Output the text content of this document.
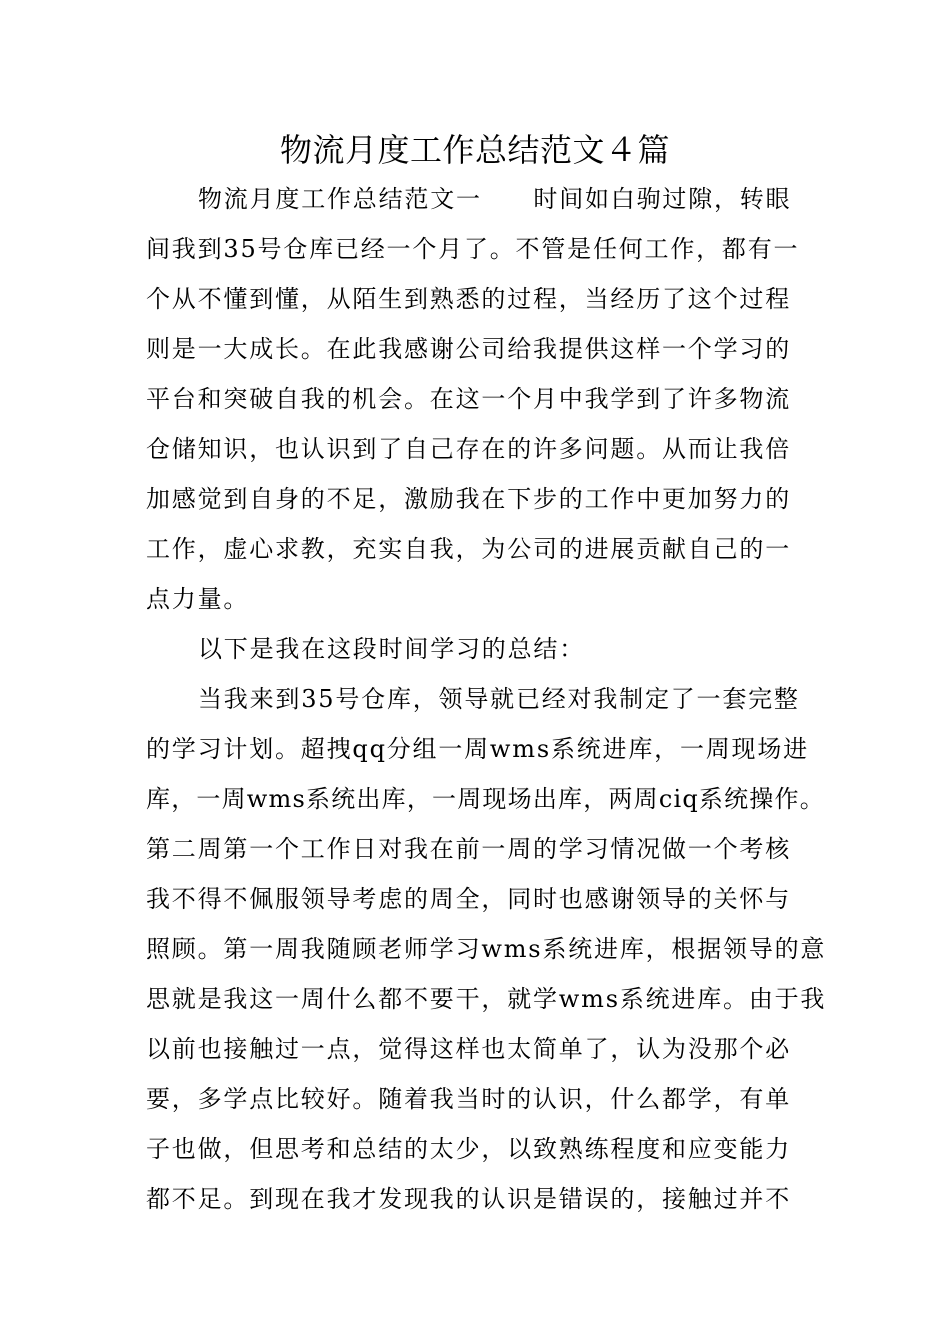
物流月度工作总结范文４篇
物流月度工作总结范文一　　时间如白驹过隙，转眼
间我到35号仓库已经一个月了。不管是任何工作，都有一
个从不懂到懂，从陌生到熟悉的过程，当经历了这个过程
则是一大成长。在此我感谢公司给我提供这样一个学习的
平台和突破自我的机会。在这一个月中我学到了许多物流
仓储知识，也认识到了自己存在的许多问题。从而让我倍
加感觉到自身的不足，激励我在下步的工作中更加努力的
工作，虚心求教，充实自我，为公司的进展贡献自己的一
点力量。
以下是我在这段时间学习的总结：
当我来到35号仓库，领导就已经对我制定了一套完整
的学习计划。超拽qq分组一周wms系统进库，一周现场进
库，一周wms系统出库，一周现场出库，两周ciq系统操作。
第二周第一个工作日对我在前一周的学习情况做一个考核
我不得不佩服领导考虑的周全，同时也感谢领导的关怀与
照顾。第一周我随顾老师学习wms系统进库，根据领导的意
思就是我这一周什么都不要干，就学wms系统进库。由于我
以前也接触过一点，觉得这样也太简单了，认为没那个必
要，多学点比较好。随着我当时的认识，什么都学，有单
子也做，但思考和总结的太少，以致熟练程度和应变能力
都不足。到现在我才发现我的认识是错误的，接触过并不
